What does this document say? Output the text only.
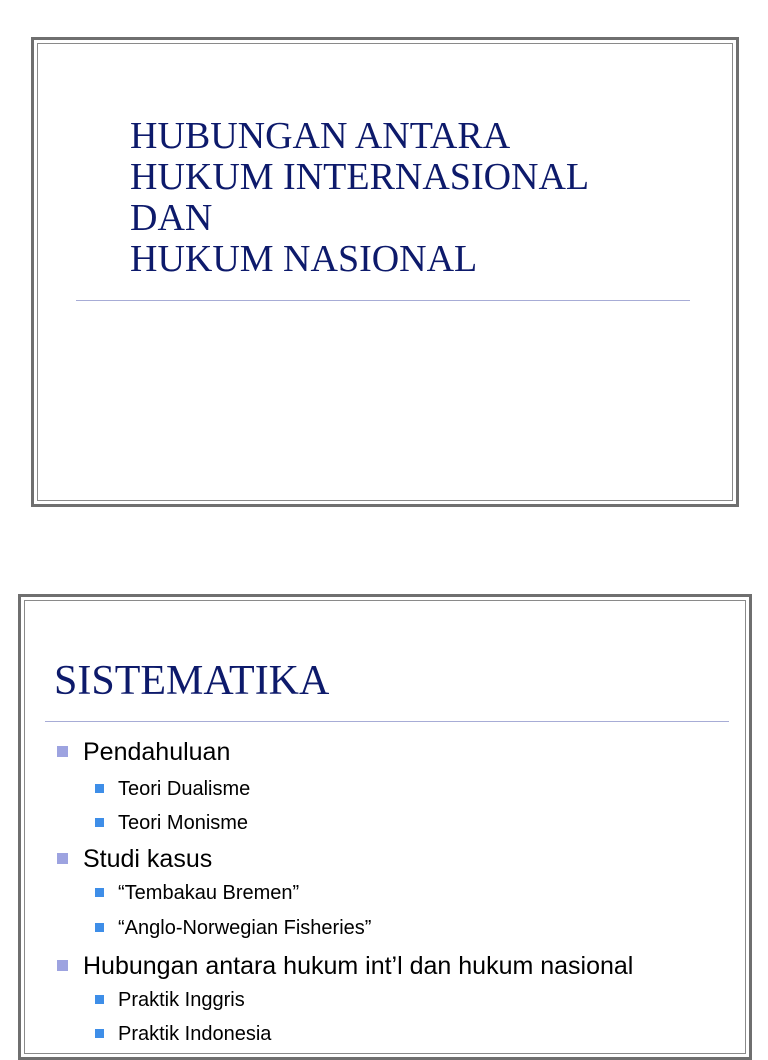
HUBUNGAN ANTARA
HUKUM INTERNASIONAL
DAN
HUKUM NASIONAL
SISTEMATIKA
Pendahuluan
Teori Dualisme
Teori Monisme
Studi kasus
“Tembakau Bremen”
“Anglo-Norwegian Fisheries”
Hubungan antara hukum int’l dan hukum nasional
Praktik Inggris
Praktik Indonesia
